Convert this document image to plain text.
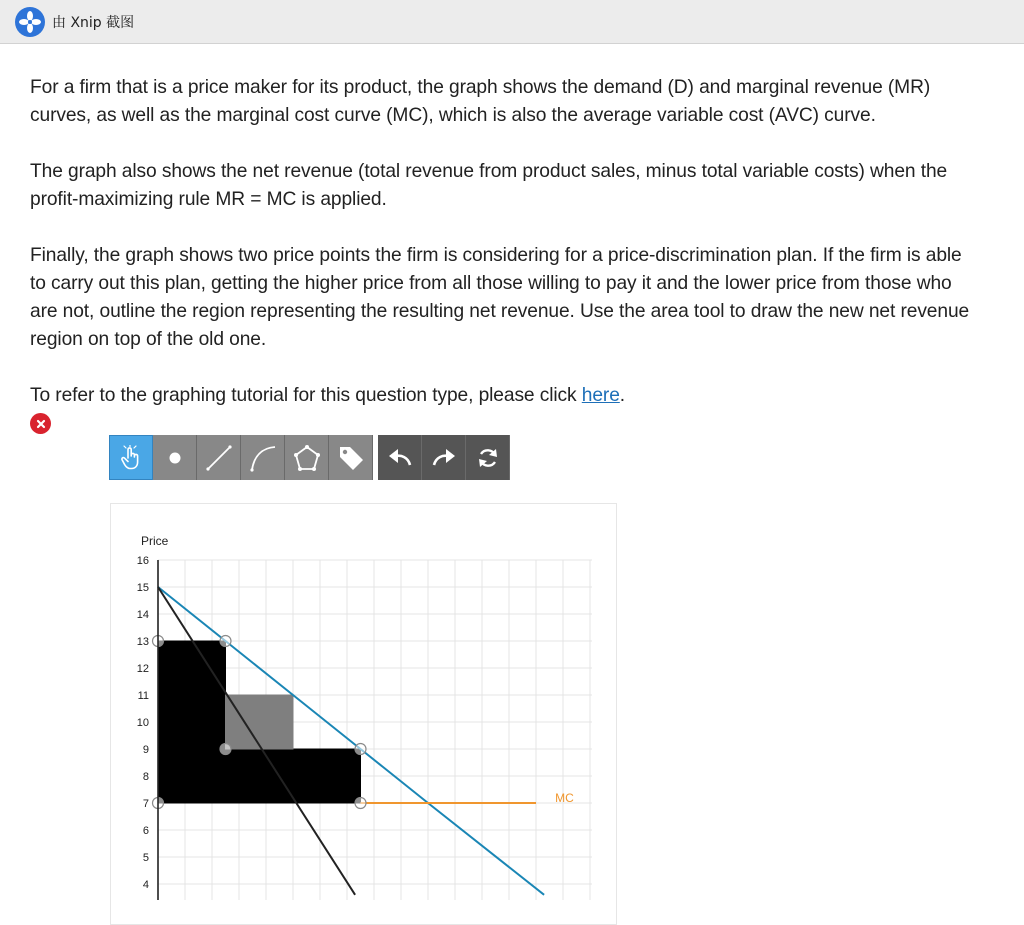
由 Xnip 截图

For a firm that is a price maker for its product, the graph shows the demand (D) and marginal revenue (MR) curves, as well as the marginal cost curve (MC), which is also the average variable cost (AVC) curve.

The graph also shows the net revenue (total revenue from product sales, minus total variable costs) when the profit-maximizing rule MR = MC is applied.

Finally, the graph shows two price points the firm is considering for a price-discrimination plan. If the firm is able to carry out this plan, getting the higher price from all those willing to pay it and the lower price from those who are not, outline the region representing the resulting net revenue. Use the area tool to draw the new net revenue region on top of the old one.

To refer to the graphing tutorial for this question type, please click here.

Price
16
15
14
13
12
11
10
9
8
7
6
5
4
MC
